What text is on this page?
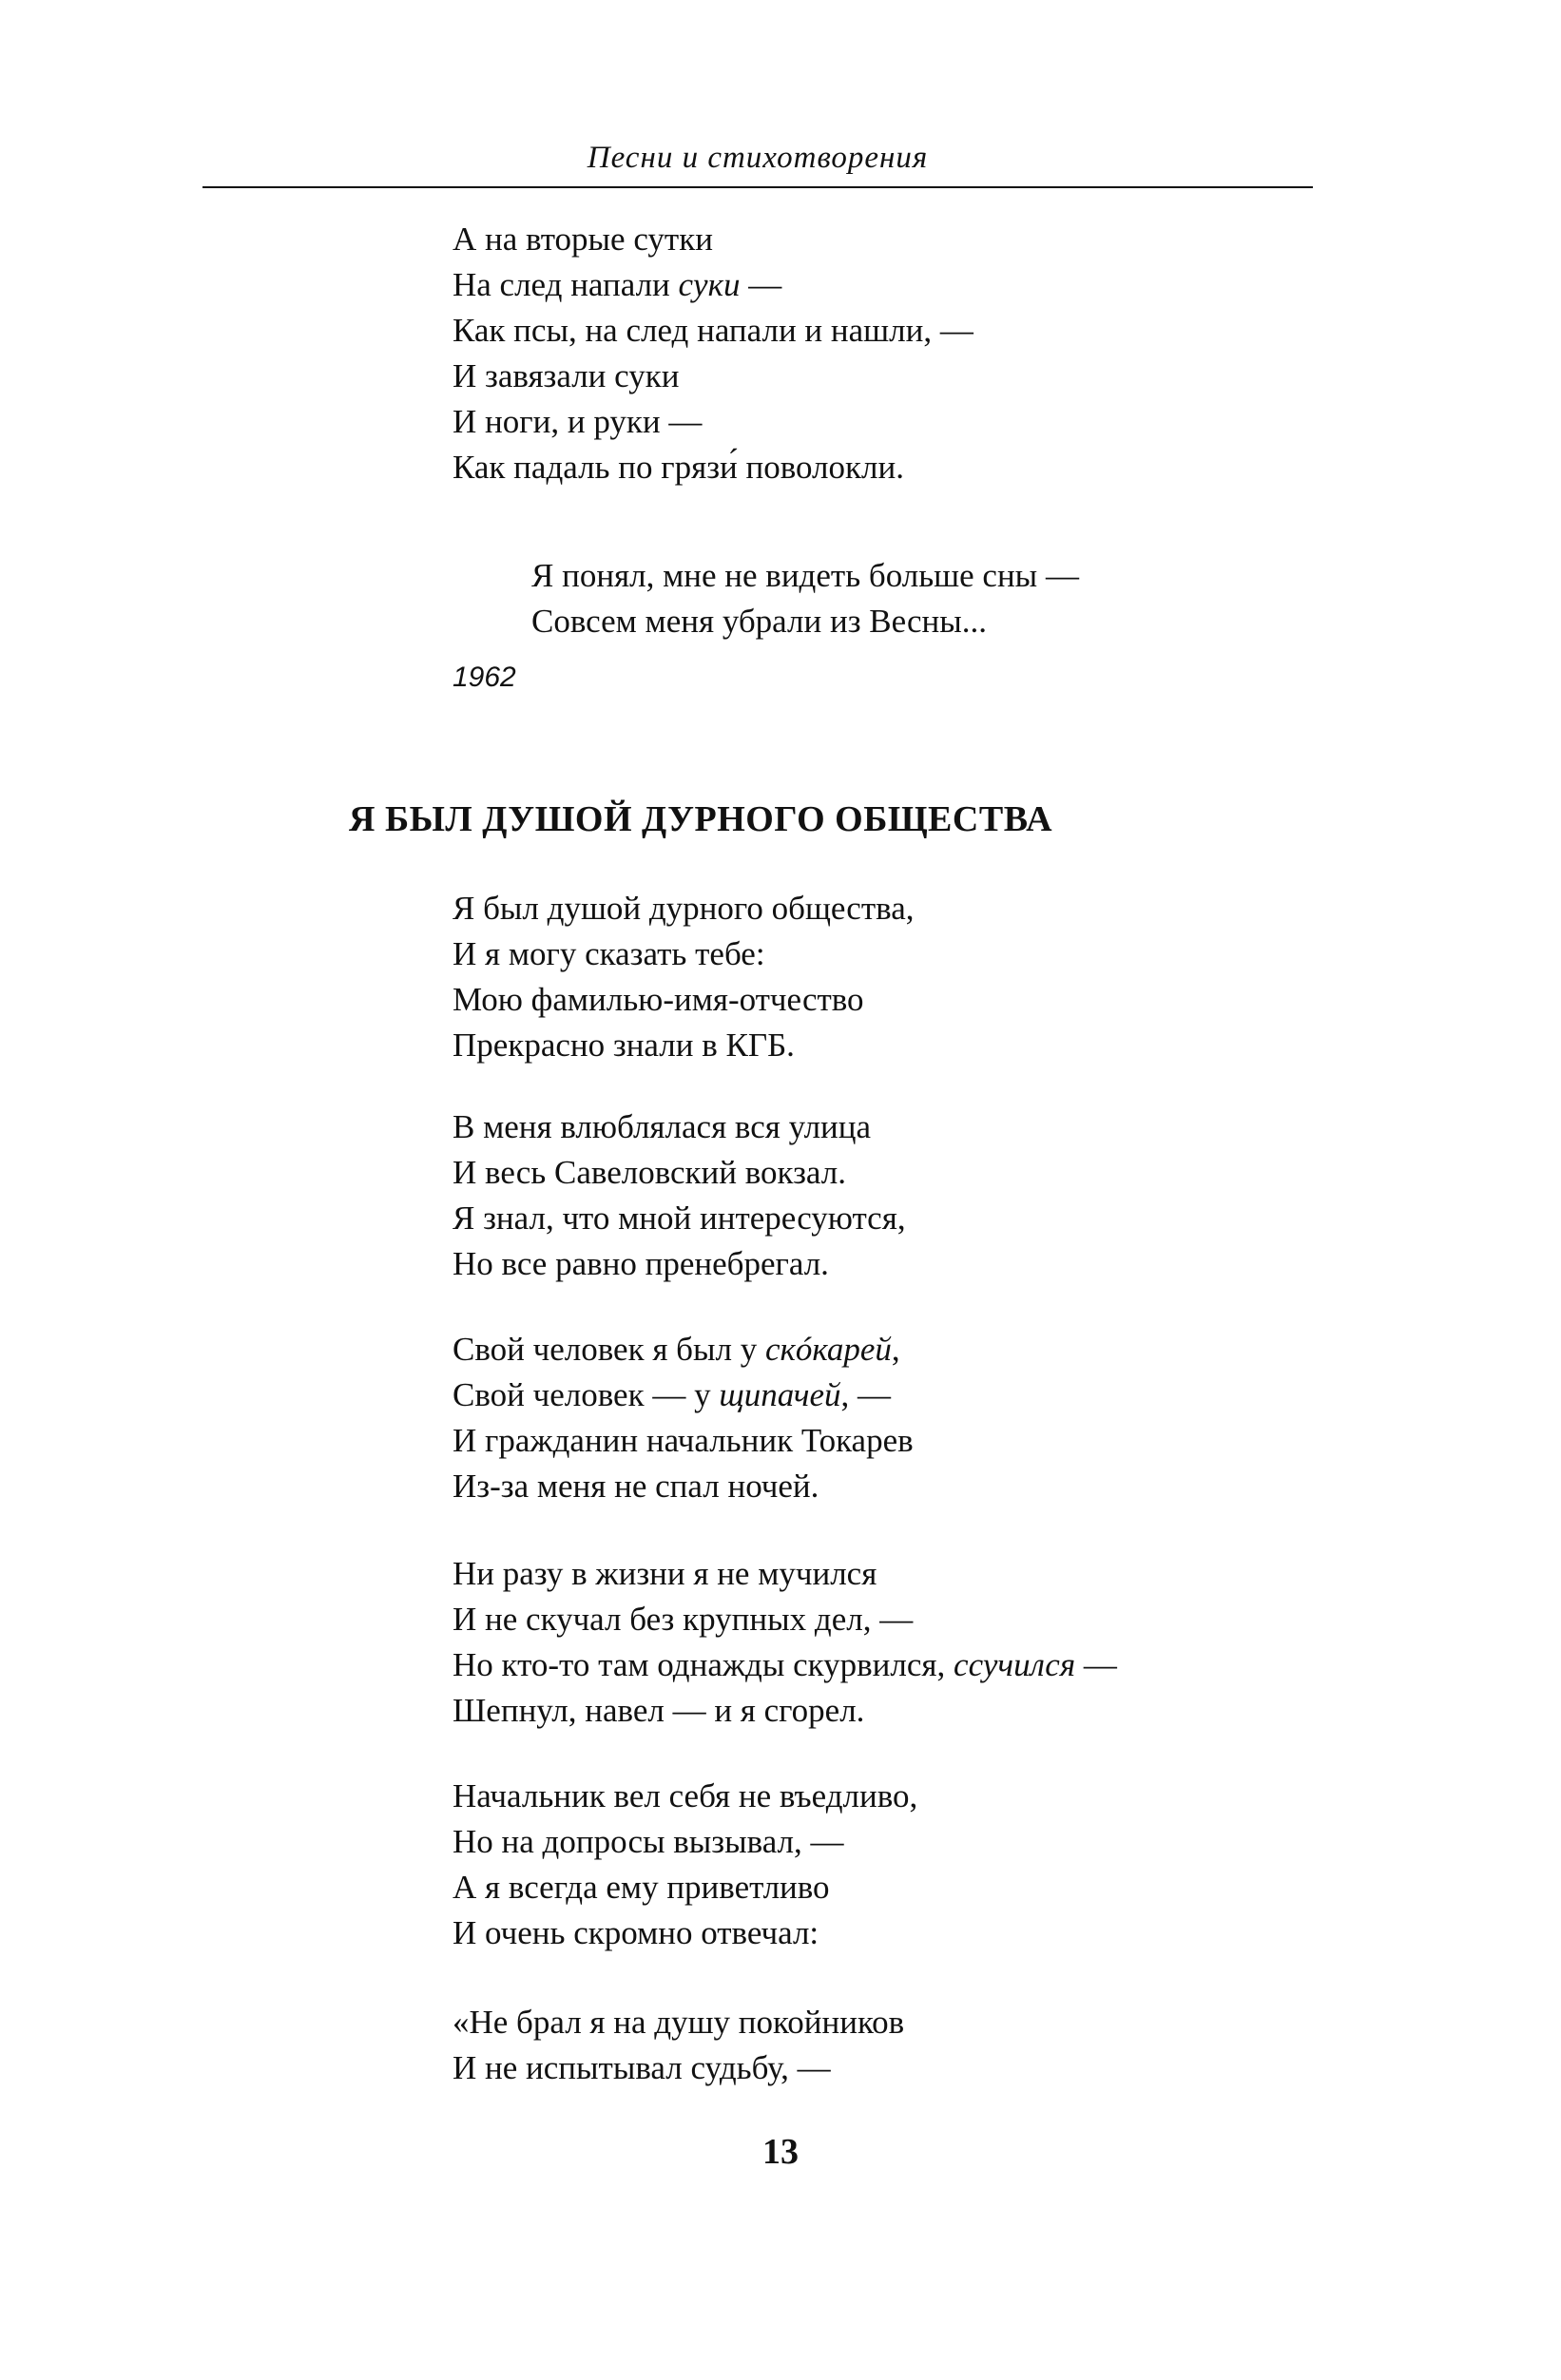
Песни и стихотворения
А на вторые сутки
На след напали сyки —
Как псы, на след напали и нашли, —
И завязали суки
И ноги, и руки —
Как падаль по грязи́ поволокли.
Я понял, мне не видеть больше сны —
Совсем меня убрали из Весны...
1962
Я БЫЛ ДУШОЙ ДУРНОГО ОБЩЕСТВА
Я был душой дурного общества,
И я могу сказать тебе:
Мою фамилью-имя-отчество
Прекрасно знали в КГБ.
В меня влюблялася вся улица
И весь Савеловский вокзал.
Я знал, что мной интересуются,
Но все равно пренебрегал.
Свой человек я был у скóкарей,
Свой человек — у щипачей, —
И гражданин начальник Токарев
Из-за меня не спал ночей.
Ни разу в жизни я не мучился
И не скучал без крупных дел, —
Но кто-то там однажды скурвился, ссучился —
Шепнул, навел — и я сгорел.
Начальник вел себя не въедливо,
Но на допросы вызывал, —
А я всегда ему приветливо
И очень скромно отвечал:
«Не брал я на душу покойников
И не испытывал судьбу, —
13
